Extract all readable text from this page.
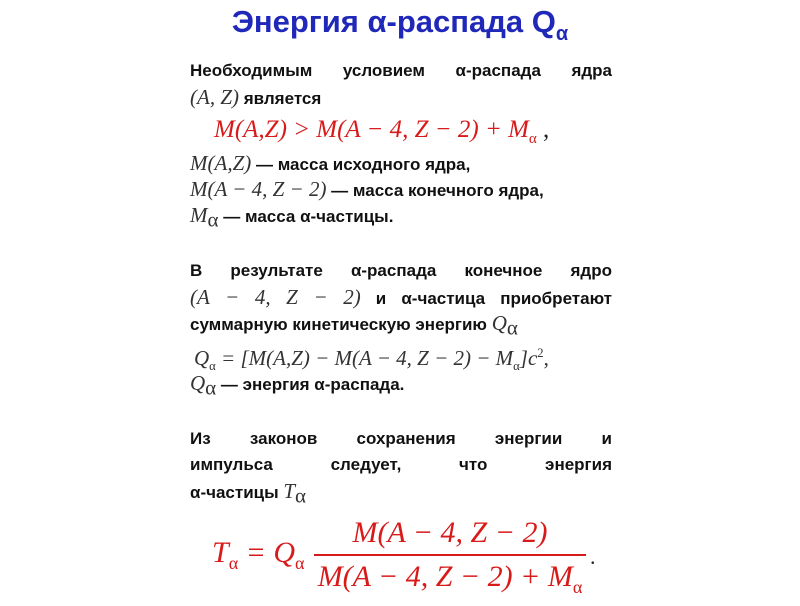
Энергия α-распада $Q_\alpha$
Необходимым условием α-распада ядра
(A, Z) является
M(A,Z) > M(A − 4, $Z - 2) + M_\alpha$ ,
M(A,Z) — масса исходного ядра,
M(A − 4, Z − 2) — масса конечного ядра,
$M_\alpha$ — масса α-частицы.
В результате α-распада конечное ядро
(A − 4, Z − 2) и α-частица приобретают
суммарную кинетическую энергию $Q_\alpha$
$Q_\alpha = [M(A,Z) - M(A - 4$, $Z - 2) - M_\alpha]c^2$,
$Q_\alpha$ — энергия α-распада.
Из законов сохранения энергии и
импульса следует, что энергия
α-частицы $T_\alpha$
$T_\alpha = Q_\alpha$
M(A − 4, Z − 2)
M(A − 4, $Z - 2) + M_\alpha$
.
